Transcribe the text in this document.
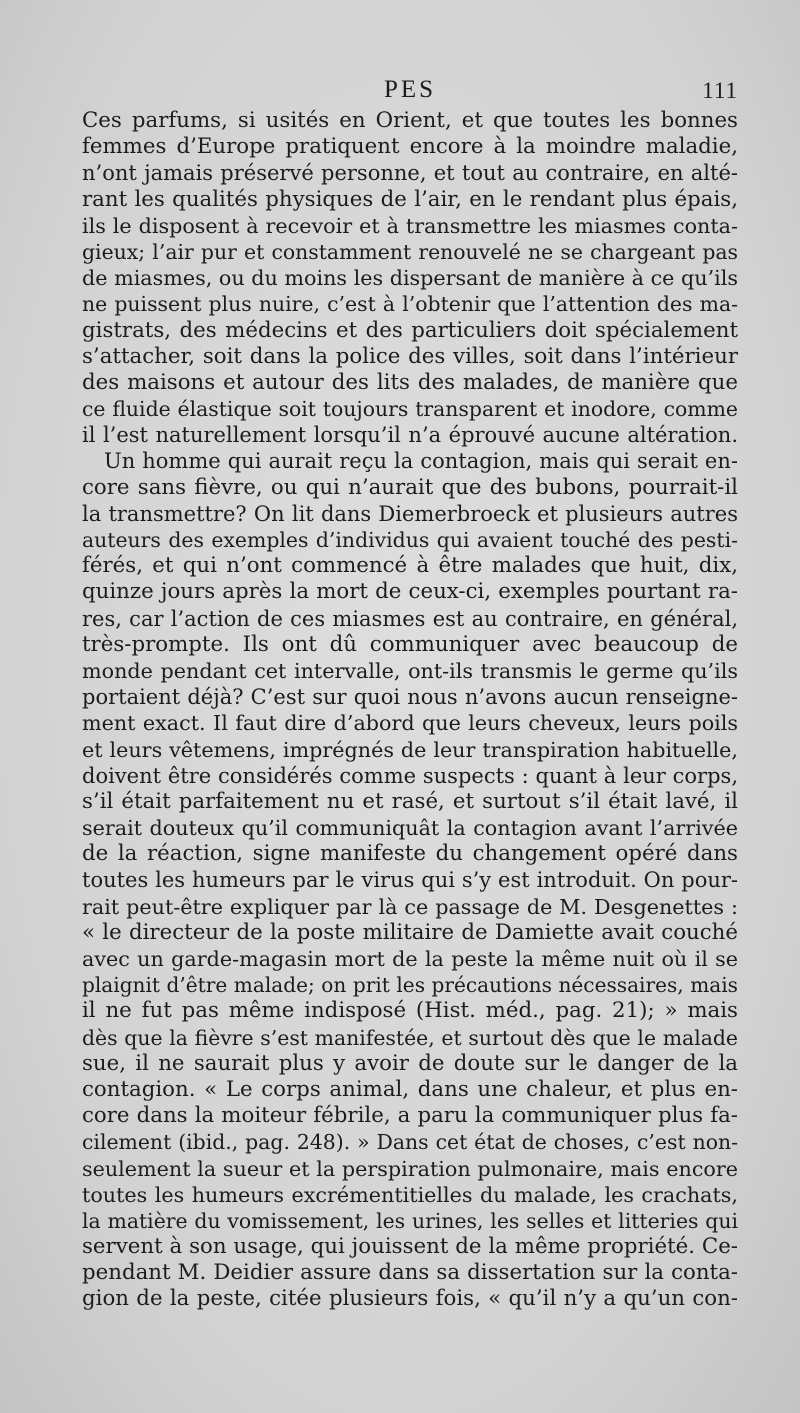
PES	111
Ces parfums, si usités en Orient, et que toutes les bonnes
femmes d’Europe pratiquent encore à la moindre maladie,
n’ont jamais préservé personne, et tout au contraire, en alté-
rant les qualités physiques de l’air, en le rendant plus épais,
ils le disposent à recevoir et à transmettre les miasmes conta-
gieux; l’air pur et constamment renouvelé ne se chargeant pas
de miasmes, ou du moins les dispersant de manière à ce qu’ils
ne puissent plus nuire, c’est à l’obtenir que l’attention des ma-
gistrats, des médecins et des particuliers doit spécialement
s’attacher, soit dans la police des villes, soit dans l’intérieur
des maisons et autour des lits des malades, de manière que
ce fluide élastique soit toujours transparent et inodore, comme
il l’est naturellement lorsqu’il n’a éprouvé aucune altération.
Un homme qui aurait reçu la contagion, mais qui serait en-
core sans fièvre, ou qui n’aurait que des bubons, pourrait-il
la transmettre? On lit dans Diemerbroeck et plusieurs autres
auteurs des exemples d’individus qui avaient touché des pesti-
férés, et qui n’ont commencé à être malades que huit, dix,
quinze jours après la mort de ceux-ci, exemples pourtant ra-
res, car l’action de ces miasmes est au contraire, en général,
très-prompte. Ils ont dû communiquer avec beaucoup de
monde pendant cet intervalle, ont-ils transmis le germe qu’ils
portaient déjà? C’est sur quoi nous n’avons aucun renseigne-
ment exact. Il faut dire d’abord que leurs cheveux, leurs poils
et leurs vêtemens, imprégnés de leur transpiration habituelle,
doivent être considérés comme suspects : quant à leur corps,
s’il était parfaitement nu et rasé, et surtout s’il était lavé, il
serait douteux qu’il communiquât la contagion avant l’arrivée
de la réaction, signe manifeste du changement opéré dans
toutes les humeurs par le virus qui s’y est introduit. On pour-
rait peut-être expliquer par là ce passage de M. Desgenettes :
« le directeur de la poste militaire de Damiette avait couché
avec un garde-magasin mort de la peste la même nuit où il se
plaignit d’être malade; on prit les précautions nécessaires, mais
il ne fut pas même indisposé (Hist. méd., pag. 21); » mais
dès que la fièvre s’est manifestée, et surtout dès que le malade
sue, il ne saurait plus y avoir de doute sur le danger de la
contagion. « Le corps animal, dans une chaleur, et plus en-
core dans la moiteur fébrile, a paru la communiquer plus fa-
cilement (ibid., pag. 248). » Dans cet état de choses, c’est non-
seulement la sueur et la perspiration pulmonaire, mais encore
toutes les humeurs excrémentitielles du malade, les crachats,
la matière du vomissement, les urines, les selles et litteries qui
servent à son usage, qui jouissent de la même propriété. Ce-
pendant M. Deidier assure dans sa dissertation sur la conta-
gion de la peste, citée plusieurs fois, « qu’il n’y a qu’un con-
